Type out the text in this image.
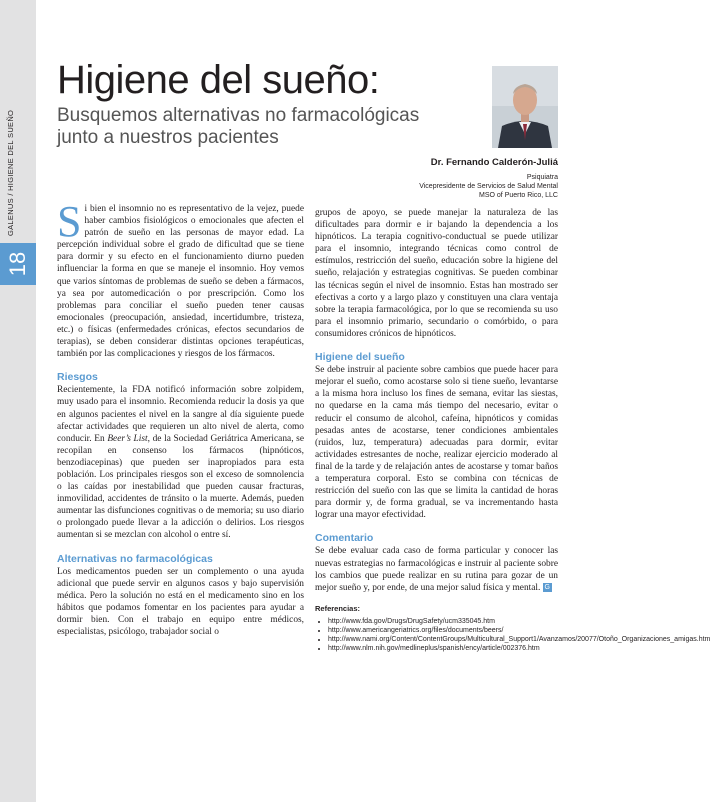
18
GALENUS / HIGIENE DEL SUEÑO
Higiene del sueño:
Busquemos alternativas no farmacológicas junto a nuestros pacientes
Dr. Fernando Calderón-Juliá
Psiquiatra
Vicepresidente de Servicios de Salud Mental
MSO of Puerto Rico, LLC

Si bien el insomnio no es representativo de la vejez, puede haber cambios fisiológicos o emocionales que afecten el patrón de sueño en las personas de mayor edad. La percepción individual sobre el grado de dificultad que se tiene para dormir y su efecto en el funcionamiento diurno pueden influenciar la forma en que se maneje el insomnio. Hoy vemos que varios síntomas de problemas de sueño se deben a fármacos, ya sea por automedicación o por prescripción. Como los problemas para conciliar el sueño pueden tener causas emocionales (preocupación, ansiedad, incertidumbre, tristeza, etc.) o físicas (enfermedades crónicas, efectos secundarios de terapias), se deben considerar distintas opciones terapéuticas, también por las complicaciones y riesgos de los fármacos.

Riesgos

Recientemente, la FDA notificó información sobre zolpidem, muy usado para el insomnio. Recomienda reducir la dosis ya que en algunos pacientes el nivel en la sangre al día siguiente puede afectar actividades que requieren un alto nivel de alerta, como conducir. En Beer’s List, de la Sociedad Geriátrica Americana, se recopilan en consenso los fármacos (hipnóticos, benzodiacepinas) que pueden ser inapropiados para esta población. Los principales riesgos son el exceso de somnolencia o las caídas por inestabilidad que pueden causar fracturas, inmovilidad, accidentes de tránsito o la muerte. Además, pueden aumentar las disfunciones cognitivas o de memoria; su uso diario o prolongado puede llevar a la adicción o delirios. Los riesgos aumentan si se mezclan con alcohol o entre sí.

Alternativas no farmacológicas

Los medicamentos pueden ser un complemento o una ayuda adicional que puede servir en algunos casos y bajo supervisión médica. Pero la solución no está en el medicamento sino en los hábitos que podamos fomentar en los pacientes para ayudar a dormir bien. Con el trabajo en equipo entre médicos, especialistas, psicólogo, trabajador social o

grupos de apoyo, se puede manejar la naturaleza de las dificultades para dormir e ir bajando la dependencia a los hipnóticos. La terapia cognitivo-conductual se puede utilizar para el insomnio, integrando técnicas como control de estímulos, restricción del sueño, educación sobre la higiene del sueño, relajación y estrategias cognitivas. Se pueden combinar las técnicas según el nivel de insomnio. Estas han mostrado ser efectivas a corto y a largo plazo y constituyen una clara ventaja sobre la terapia farmacológica, por lo que se recomienda su uso para el insomnio primario, secundario o comórbido, o para consumidores crónicos de hipnóticos.

Higiene del sueño

Se debe instruir al paciente sobre cambios que puede hacer para mejorar el sueño, como acostarse solo si tiene sueño, levantarse a la misma hora incluso los fines de semana, evitar las siestas, no quedarse en la cama más tiempo del necesario, evitar o reducir el consumo de alcohol, cafeína, hipnóticos y comidas pesadas antes de acostarse, tener condiciones ambientales (ruidos, luz, temperatura) adecuadas para dormir, evitar actividades estresantes de noche, realizar ejercicio moderado al final de la tarde y de relajación antes de acostarse y tomar baños a temperatura corporal. Esto se combina con técnicas de restricción del sueño con las que se limita la cantidad de horas para dormir y, de forma gradual, se va incrementando hasta lograr una mayor efectividad.

Comentario

Se debe evaluar cada caso de forma particular y conocer las nuevas estrategias no farmacológicas e instruir al paciente sobre los cambios que puede realizar en su rutina para gozar de un mejor sueño y, por ende, de una mejor salud física y mental. G

Referencias:
• http://www.fda.gov/Drugs/DrugSafety/ucm335045.htm
• http://www.americangeriatrics.org/files/documents/beers/
• http://www.nami.org/Content/ContentGroups/Multicultural_Support1/Avanzamos/20077/Otoño_Organizaciones_amigas.htm
• http://www.nlm.nih.gov/medlineplus/spanish/ency/article/002376.htm
